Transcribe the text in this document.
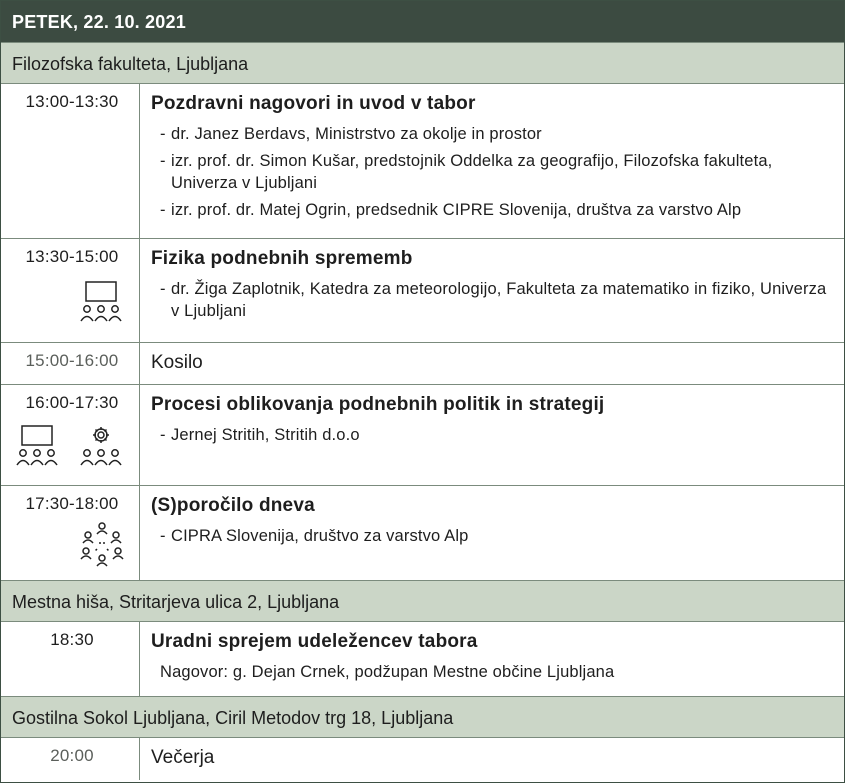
PETEK, 22. 10. 2021
Filozofska fakulteta, Ljubljana
13:00-13:30	Pozdravni nagovori in uvod v tabor
- dr. Janez Berdavs, Ministrstvo za okolje in prostor
- izr. prof. dr. Simon Kušar, predstojnik Oddelka za geografijo, Filozofska fakulteta, Univerza v Ljubljani
- izr. prof. dr. Matej Ogrin, predsednik CIPRE Slovenija, društva za varstvo Alp
13:30-15:00	Fizika podnebnih sprememb
- dr. Žiga Zaplotnik, Katedra za meteorologijo, Fakulteta za matematiko in fiziko, Univerza v Ljubljani
15:00-16:00	Kosilo
16:00-17:30	Procesi oblikovanja podnebnih politik in strategij
- Jernej Stritih, Stritih d.o.o
17:30-18:00	(S)poročilo dneva
- CIPRA Slovenija, društvo za varstvo Alp
Mestna hiša, Stritarjeva ulica 2, Ljubljana
18:30	Uradni sprejem udeležencev tabora
Nagovor: g. Dejan Crnek, podžupan Mestne občine Ljubljana
Gostilna Sokol Ljubljana, Ciril Metodov trg 18, Ljubljana
20:00	Večerja
